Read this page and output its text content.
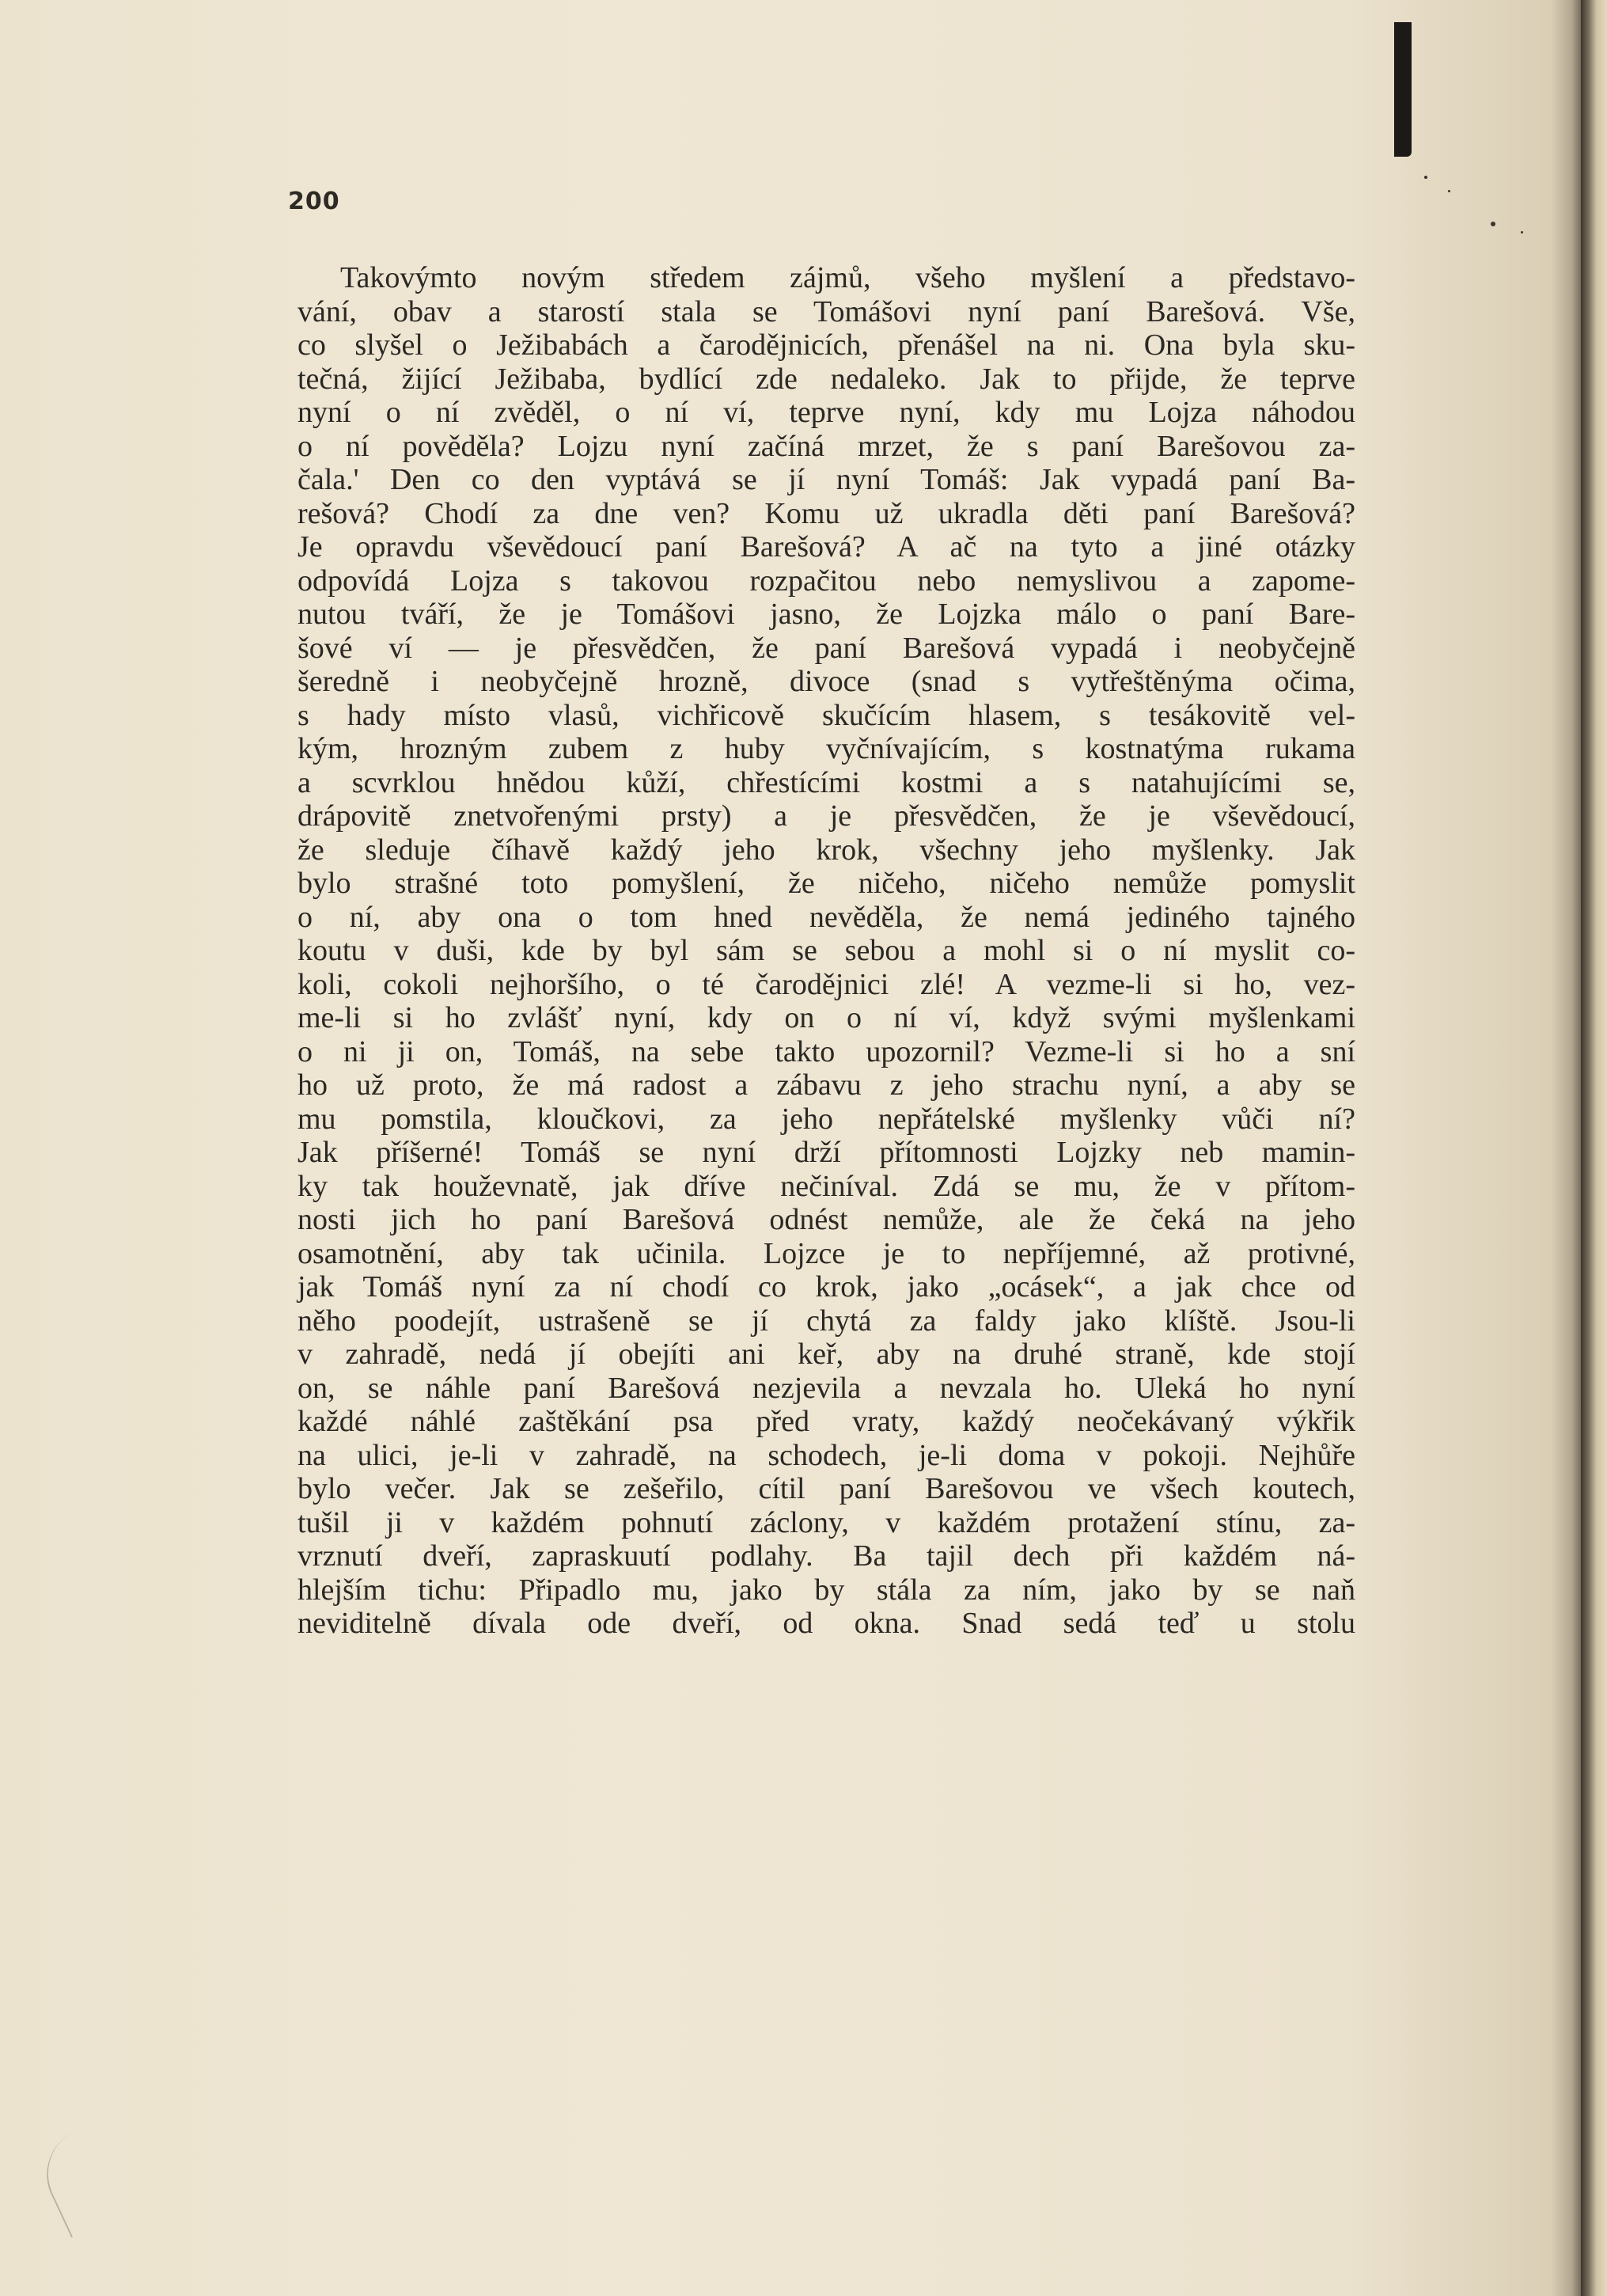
200
Takovýmto novým středem zájmů, všeho myšlení a představo-
vání, obav a starostí stala se Tomášovi nyní paní Barešová. Vše,
co slyšel o Ježibabách a čarodějnicích, přenášel na ni. Ona byla sku-
tečná, žijící Ježibaba, bydlící zde nedaleko. Jak to přijde, že teprve
nyní o ní zvěděl, o ní ví, teprve nyní, kdy mu Lojza náhodou
o ní pověděla? Lojzu nyní začíná mrzet, že s paní Barešovou za-
čala.' Den co den vyptává se jí nyní Tomáš: Jak vypadá paní Ba-
rešová? Chodí za dne ven? Komu už ukradla děti paní Barešová?
Je opravdu vševědoucí paní Barešová? A ač na tyto a jiné otázky
odpovídá Lojza s takovou rozpačitou nebo nemyslivou a zapome-
nutou tváří, že je Tomášovi jasno, že Lojzka málo o paní Bare-
šové ví — je přesvědčen, že paní Barešová vypadá i neobyčejně
šeredně i neobyčejně hrozně, divoce (snad s vytřeštěnýma očima,
s hady místo vlasů, vichřicově skučícím hlasem, s tesákovitě vel-
kým, hrozným zubem z huby vyčnívajícím, s kostnatýma rukama
a scvrklou hnědou kůží, chřestícími kostmi a s natahujícími se,
drápovitě znetvořenými prsty) a je přesvědčen, že je vševědoucí,
že sleduje číhavě každý jeho krok, všechny jeho myšlenky. Jak
bylo strašné toto pomyšlení, že ničeho, ničeho nemůže pomyslit
o ní, aby ona o tom hned nevěděla, že nemá jediného tajného
koutu v duši, kde by byl sám se sebou a mohl si o ní myslit co-
koli, cokoli nejhoršího, o té čarodějnici zlé! A vezme-li si ho, vez-
me-li si ho zvlášť nyní, kdy on o ní ví, když svými myšlenkami
o ni ji on, Tomáš, na sebe takto upozornil? Vezme-li si ho a sní
ho už proto, že má radost a zábavu z jeho strachu nyní, a aby se
mu pomstila, kloučkovi, za jeho nepřátelské myšlenky vůči ní?
Jak příšerné! Tomáš se nyní drží přítomnosti Lojzky neb mamin-
ky tak houževnatě, jak dříve nečiníval. Zdá se mu, že v přítom-
nosti jich ho paní Barešová odnést nemůže, ale že čeká na jeho
osamotnění, aby tak učinila. Lojzce je to nepříjemné, až protivné,
jak Tomáš nyní za ní chodí co krok, jako „ocásek“, a jak chce od
něho poodejít, ustrašeně se jí chytá za faldy jako klíště. Jsou-li
v zahradě, nedá jí obejíti ani keř, aby na druhé straně, kde stojí
on, se náhle paní Barešová nezjevila a nevzala ho. Uleká ho nyní
každé náhlé zaštěkání psa před vraty, každý neočekávaný výkřik
na ulici, je-li v zahradě, na schodech, je-li doma v pokoji. Nejhůře
bylo večer. Jak se zešeřilo, cítil paní Barešovou ve všech koutech,
tušil ji v každém pohnutí záclony, v každém protažení stínu, za-
vrznutí dveří, zapraskuutí podlahy. Ba tajil dech při každém ná-
hlejším tichu: Připadlo mu, jako by stála za ním, jako by se naň
neviditelně dívala ode dveří, od okna. Snad sedá teď u stolu
